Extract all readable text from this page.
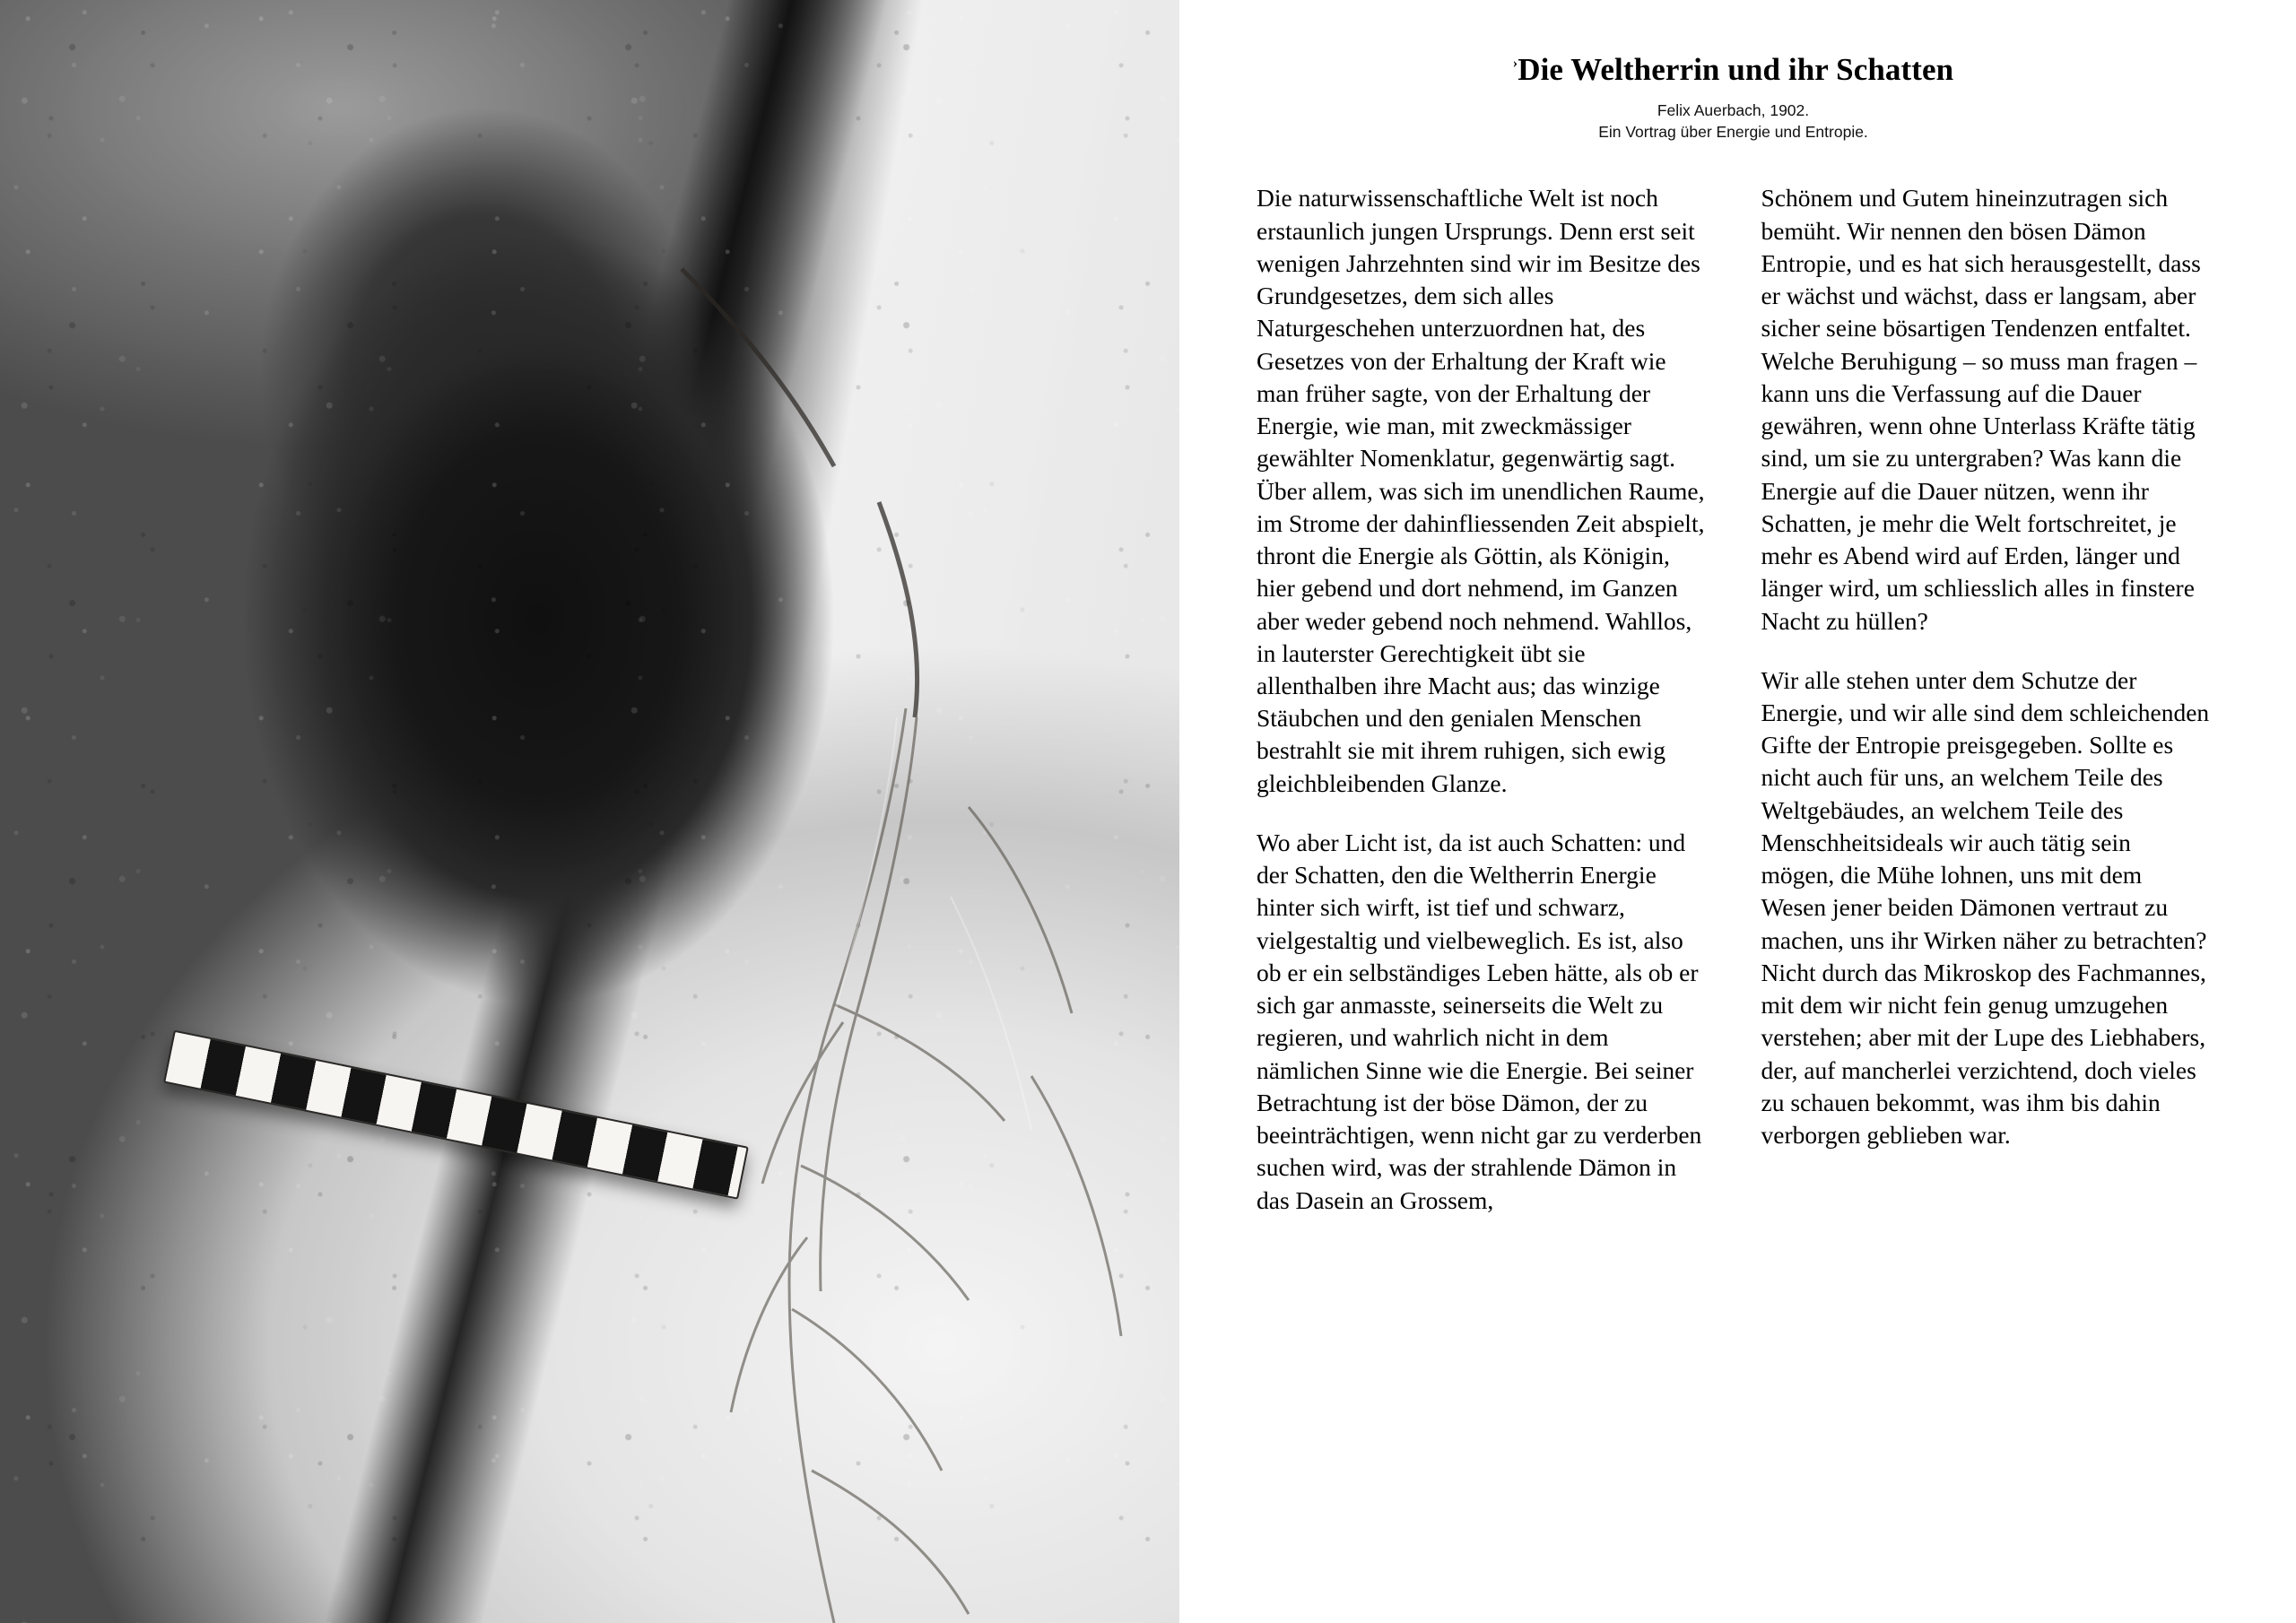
›Die Weltherrin und ihr Schatten

Felix Auerbach, 1902.

Ein Vortrag über Energie und Entropie.

Die naturwissenschaftliche Welt ist noch erstaunlich jungen Ursprungs. Denn erst seit wenigen Jahrzehnten sind wir im Besitze des Grundgesetzes, dem sich alles Naturgeschehen unterzuordnen hat, des Gesetzes von der Erhaltung der Kraft wie man früher sagte, von der Erhaltung der Energie, wie man, mit zweckmässiger gewählter Nomenklatur, gegenwärtig sagt. Über allem, was sich im unendlichen Raume, im Strome der dahinfliessenden Zeit abspielt, thront die Energie als Göttin, als Königin, hier gebend und dort nehmend, im Ganzen aber weder gebend noch nehmend. Wahllos, in lauterster Gerechtigkeit übt sie allenthalben ihre Macht aus; das winzige Stäubchen und den genialen Menschen bestrahlt sie mit ihrem ruhigen, sich ewig gleichbleibenden Glanze.

Wo aber Licht ist, da ist auch Schatten: und der Schatten, den die Weltherrin Energie hinter sich wirft, ist tief und schwarz, vielgestaltig und vielbeweglich. Es ist, also ob er ein selbständiges Leben hätte, als ob er sich gar anmasste, seinerseits die Welt zu regieren, und wahrlich nicht in dem nämlichen Sinne wie die Energie. Bei seiner Betrachtung ist der böse Dämon, der zu beeinträchtigen, wenn nicht gar zu verderben suchen wird, was der strahlende Dämon in das Dasein an Grossem,

Schönem und Gutem hineinzutragen sich bemüht. Wir nennen den bösen Dämon Entropie, und es hat sich herausgestellt, dass er wächst und wächst, dass er langsam, aber sicher seine bösartigen Tendenzen entfaltet. Welche Beruhigung – so muss man fragen – kann uns die Verfassung auf die Dauer gewähren, wenn ohne Unterlass Kräfte tätig sind, um sie zu untergraben? Was kann die Energie auf die Dauer nützen, wenn ihr Schatten, je mehr die Welt fortschreitet, je mehr es Abend wird auf Erden, länger und länger wird, um schliesslich alles in finstere Nacht zu hüllen?

Wir alle stehen unter dem Schutze der Energie, und wir alle sind dem schleichenden Gifte der Entropie preisgegeben. Sollte es nicht auch für uns, an welchem Teile des Weltgebäudes, an welchem Teile des Menschheitsideals wir auch tätig sein mögen, die Mühe lohnen, uns mit dem Wesen jener beiden Dämonen vertraut zu machen, uns ihr Wirken näher zu betrachten? Nicht durch das Mikroskop des Fachmannes, mit dem wir nicht fein genug umzugehen verstehen; aber mit der Lupe des Liebhabers, der, auf mancherlei verzichtend, doch vieles zu schauen bekommt, was ihm bis dahin verborgen geblieben war.
